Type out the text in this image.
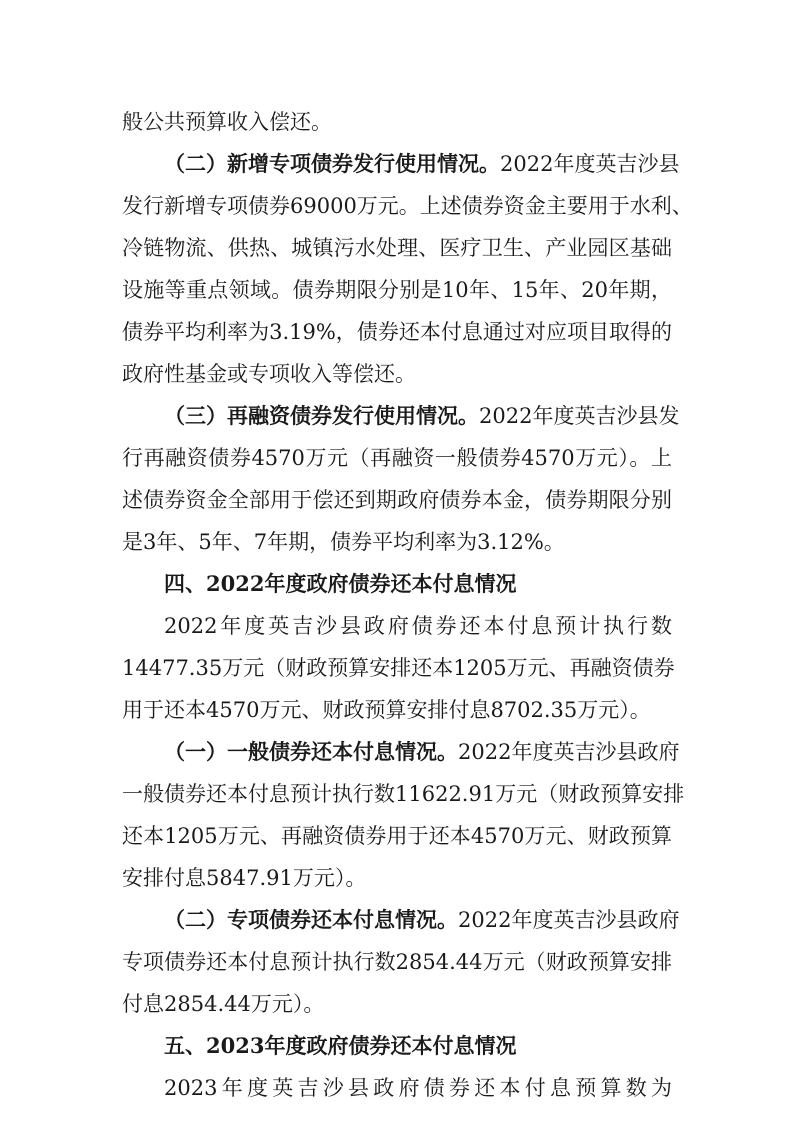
般公共预算收入偿还。
（二）新增专项债券发行使用情况。2022年度英吉沙县
发行新增专项债券69000万元。上述债券资金主要用于水利、
冷链物流、供热、城镇污水处理、医疗卫生、产业园区基础
设施等重点领域。债券期限分别是10年、15年、20年期，
债券平均利率为3.19%，债券还本付息通过对应项目取得的
政府性基金或专项收入等偿还。
（三）再融资债券发行使用情况。2022年度英吉沙县发
行再融资债券4570万元（再融资一般债券4570万元）。上
述债券资金全部用于偿还到期政府债券本金，债券期限分别
是3年、5年、7年期，债券平均利率为3.12%。
四、2022年度政府债券还本付息情况
2022年度英吉沙县政府债券还本付息预计执行数
14477.35万元（财政预算安排还本1205万元、再融资债券
用于还本4570万元、财政预算安排付息8702.35万元）。
（一）一般债券还本付息情况。2022年度英吉沙县政府
一般债券还本付息预计执行数11622.91万元（财政预算安排
还本1205万元、再融资债券用于还本4570万元、财政预算
安排付息5847.91万元）。
（二）专项债券还本付息情况。2022年度英吉沙县政府
专项债券还本付息预计执行数2854.44万元（财政预算安排
付息2854.44万元）。
五、2023年度政府债券还本付息情况
2023年度英吉沙县政府债券还本付息预算数为
